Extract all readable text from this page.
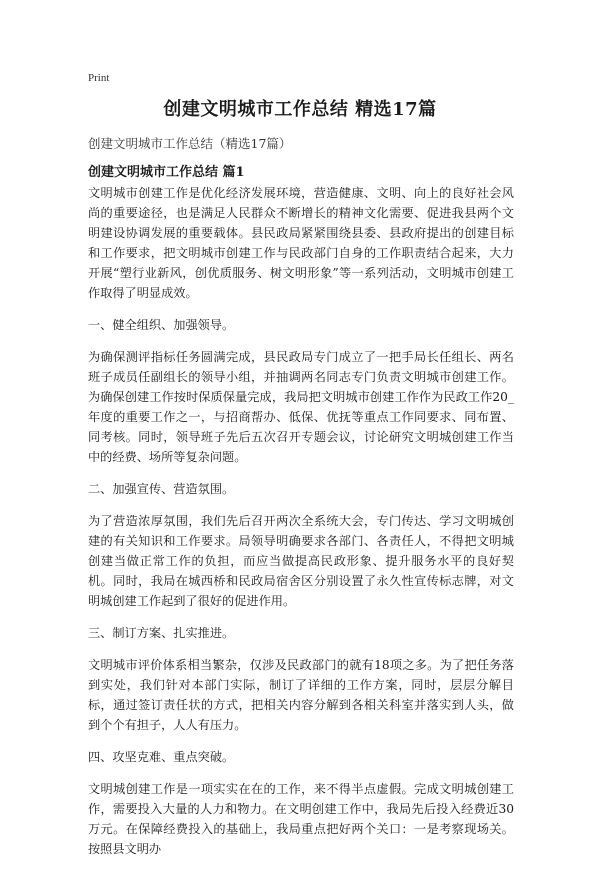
Print
创建文明城市工作总结 精选17篇
创建文明城市工作总结（精选17篇）
创建文明城市工作总结 篇1

文明城市创建工作是优化经济发展环境，营造健康、文明、向上的良好社会风尚的重要途径，也是满足人民群众不断增长的精神文化需要、促进我县两个文明建设协调发展的重要载体。县民政局紧紧围绕县委、县政府提出的创建目标和工作要求，把文明城市创建工作与民政部门自身的工作职责结合起来，大力开展“塑行业新风，创优质服务、树文明形象”等一系列活动，文明城市创建工作取得了明显成效。

一、健全组织、加强领导。

为确保测评指标任务圆满完成，县民政局专门成立了一把手局长任组长、两名班子成员任副组长的领导小组，并抽调两名同志专门负责文明城市创建工作。为确保创建工作按时保质保量完成，我局把文明城市创建工作作为民政工作20_年度的重要工作之一，与招商帮办、低保、优抚等重点工作同要求、同布置、同考核。同时，领导班子先后五次召开专题会议，讨论研究文明城创建工作当中的经费、场所等复杂问题。

二、加强宣传、营造氛围。

为了营造浓厚氛围，我们先后召开两次全系统大会，专门传达、学习文明城创建的有关知识和工作要求。局领导明确要求各部门、各责任人，不得把文明城创建当做正常工作的负担，而应当做提高民政形象、提升服务水平的良好契机。同时，我局在城西桥和民政局宿舍区分别设置了永久性宣传标志牌，对文明城创建工作起到了很好的促进作用。

三、制订方案、扎实推进。

文明城市评价体系相当繁杂，仅涉及民政部门的就有18项之多。为了把任务落到实处，我们针对本部门实际，制订了详细的工作方案，同时，层层分解目标，通过签订责任状的方式，把相关内容分解到各相关科室并落实到人头，做到个个有担子，人人有压力。

四、攻坚克难、重点突破。

文明城创建工作是一项实实在在的工作，来不得半点虚假。完成文明城创建工作，需要投入大量的人力和物力。在文明创建工作中，我局先后投入经费近30万元。在保障经费投入的基础上，我局重点把好两个关口：一是考察现场关。按照县文明办
